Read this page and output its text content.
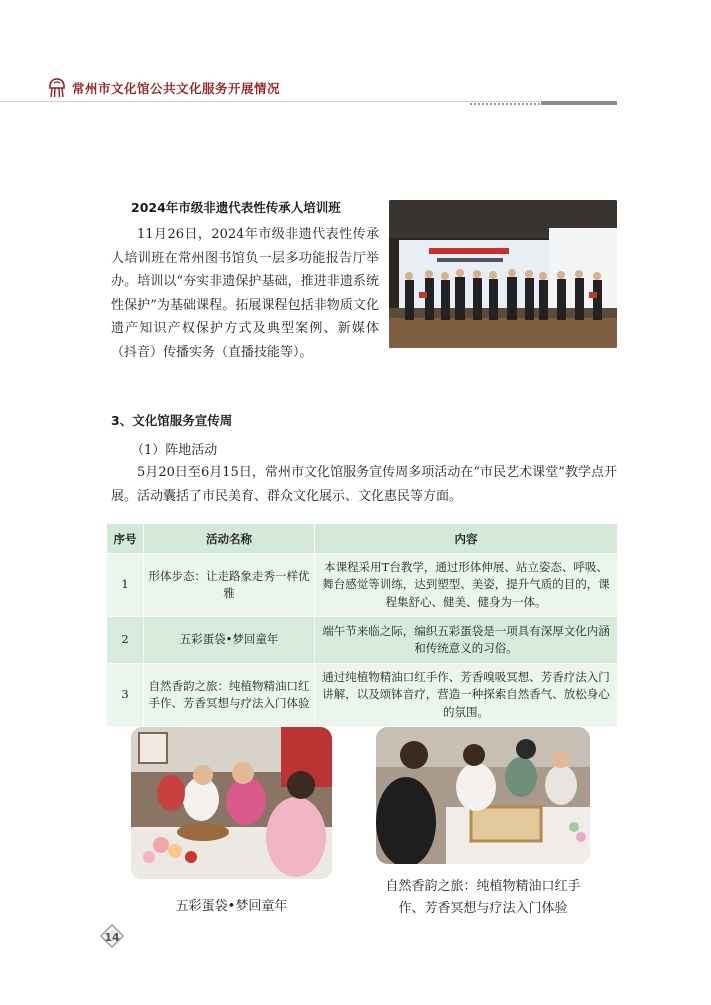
常州市文化馆公共文化服务开展情况
2024年市级非遗代表性传承人培训班

11月26日，2024年市级非遗代表性传承人培训班在常州图书馆负一层多功能报告厅举办。培训以“夯实非遗保护基础，推进非遗系统性保护”为基础课程。拓展课程包括非物质文化遗产知识产权保护方式及典型案例、新媒体（抖音）传播实务（直播技能等）。

3、文化馆服务宣传周
（1）阵地活动

5月20日至6月15日，常州市文化馆服务宣传周多项活动在“市民艺术课堂”教学点开展。活动囊括了市民美育、群众文化展示、文化惠民等方面。

序号	活动名称	内容
1	形体步态：让走路象走秀一样优雅	本课程采用T台教学，通过形体伸展、站立姿态、呼吸、舞台感觉等训练，达到塑型、美姿，提升气质的目的，课程集舒心、健美、健身为一体。
2	五彩蛋袋•梦回童年	端午节来临之际，编织五彩蛋袋是一项具有深厚文化内涵和传统意义的习俗。
3	自然香韵之旅：纯植物精油口红手作、芳香冥想与疗法入门体验	通过纯植物精油口红手作、芳香嗅吸冥想、芳香疗法入门讲解，以及颂钵音疗，营造一种探索自然香气、放松身心的氛围。
五彩蛋袋•梦回童年
自然香韵之旅：纯植物精油口红手作、芳香冥想与疗法入门体验
14
